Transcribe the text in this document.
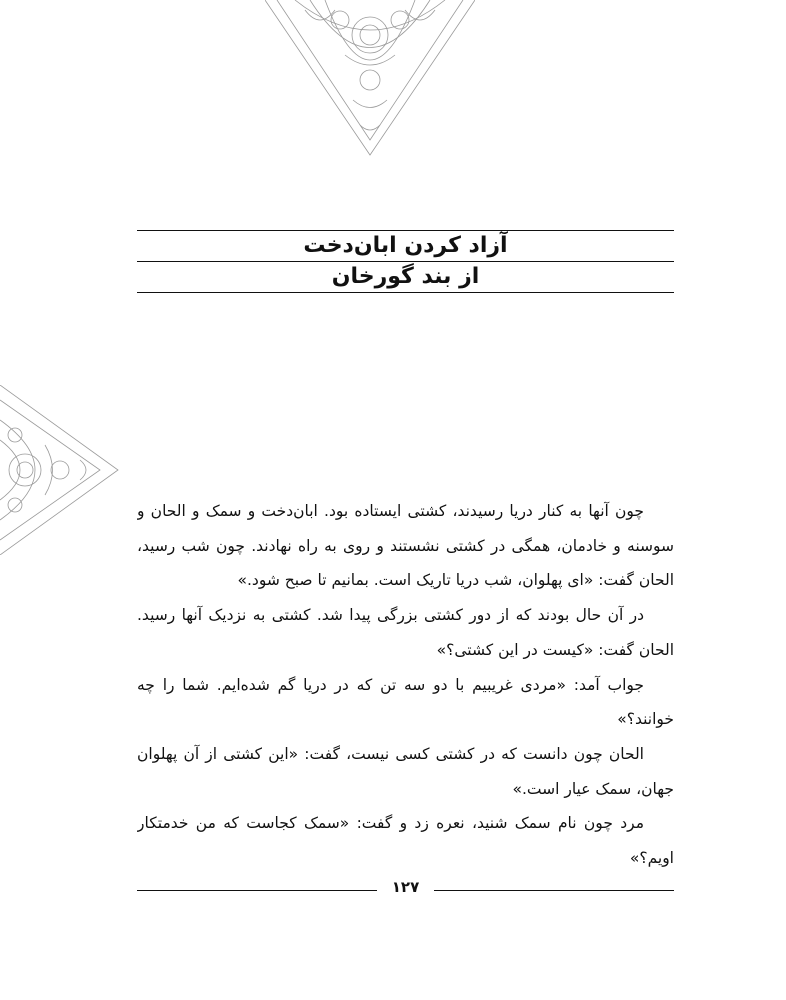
آزاد کردن ابان‌دخت
از بند گورخان

چون آنها به کنار دریا رسیدند، کشتی ایستاده بود. ابان‌دخت و سمک و الحان و

سوسنه و خادمان، همگی در کشتی نشستند و روی به راه نهادند. چون شب رسید،

الحان گفت: «ای پهلوان، شب دریا تاریک است. بمانیم تا صبح شود.»

در آن حال بودند که از دور کشتی بزرگی پیدا شد. کشتی به نزدیک آنها رسید.

الحان گفت: «کیست در این کشتی؟»

جواب آمد: «مردی غریبیم با دو سه تن که در دریا گم شده‌ایم. شما را چه

خوانند؟»

الحان چون دانست که در کشتی کسی نیست، گفت: «این کشتی از آن پهلوان

جهان، سمک عیار است.»

مرد چون نام سمک شنید، نعره زد و گفت: «سمک کجاست که من خدمتکار

اویم؟»

۱۲۷
